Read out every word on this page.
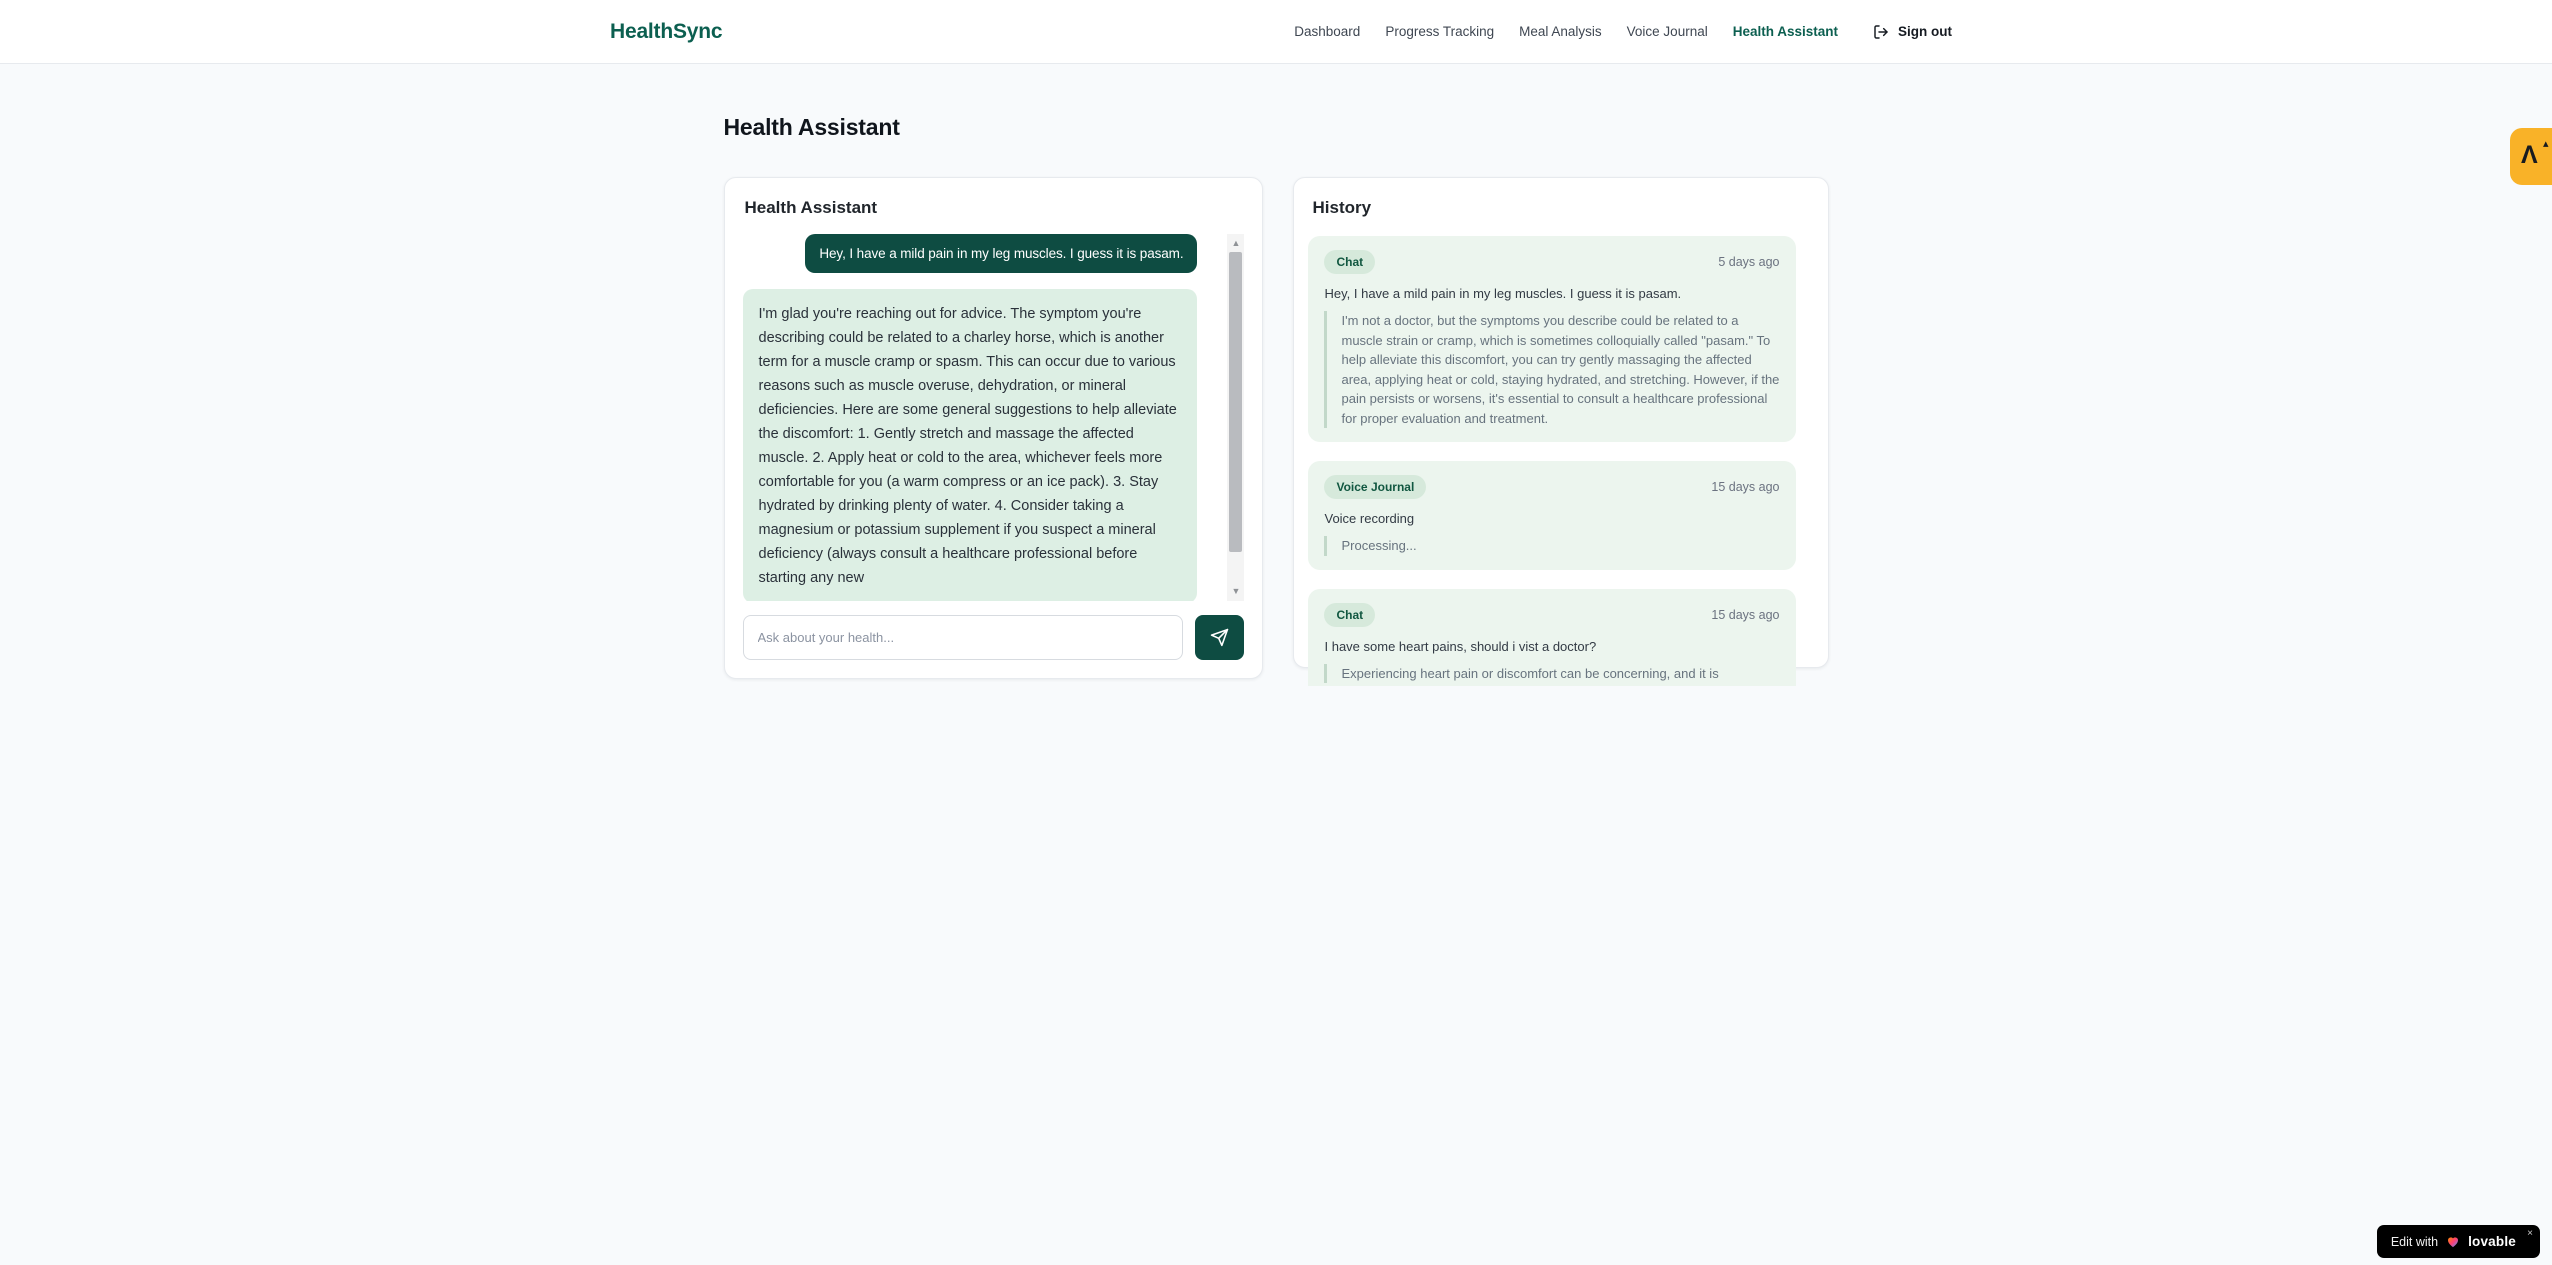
HealthSync	Dashboard Progress Tracking Meal Analysis Voice Journal Health Assistant	Sign out
Health Assistant
Health Assistant
Hey, I have a mild pain in my leg muscles. I guess it is pasam.
I'm glad you're reaching out for advice. The symptom you're describing could be related to a charley horse, which is another term for a muscle cramp or spasm. This can occur due to various reasons such as muscle overuse, dehydration, or mineral deficiencies. Here are some general suggestions to help alleviate the discomfort: 1. Gently stretch and massage the affected muscle. 2. Apply heat or cold to the area, whichever feels more comfortable for you (a warm compress or an ice pack). 3. Stay hydrated by drinking plenty of water. 4. Consider taking a magnesium or potassium supplement if you suspect a mineral deficiency (always consult a healthcare professional before starting any new
▲
▼
Ask about your health...
History
Chat	5 days ago
Hey, I have a mild pain in my leg muscles. I guess it is pasam.
I'm not a doctor, but the symptoms you describe could be related to a muscle strain or cramp, which is sometimes colloquially called "pasam." To help alleviate this discomfort, you can try gently massaging the affected area, applying heat or cold, staying hydrated, and stretching. However, if the pain persists or worsens, it's essential to consult a healthcare professional for proper evaluation and treatment.
Voice Journal	15 days ago
Voice recording
Processing...
Chat	15 days ago
I have some heart pains, should i vist a doctor?
Experiencing heart pain or discomfort can be concerning, and it is
Λ ▴
Edit with lovable
×
